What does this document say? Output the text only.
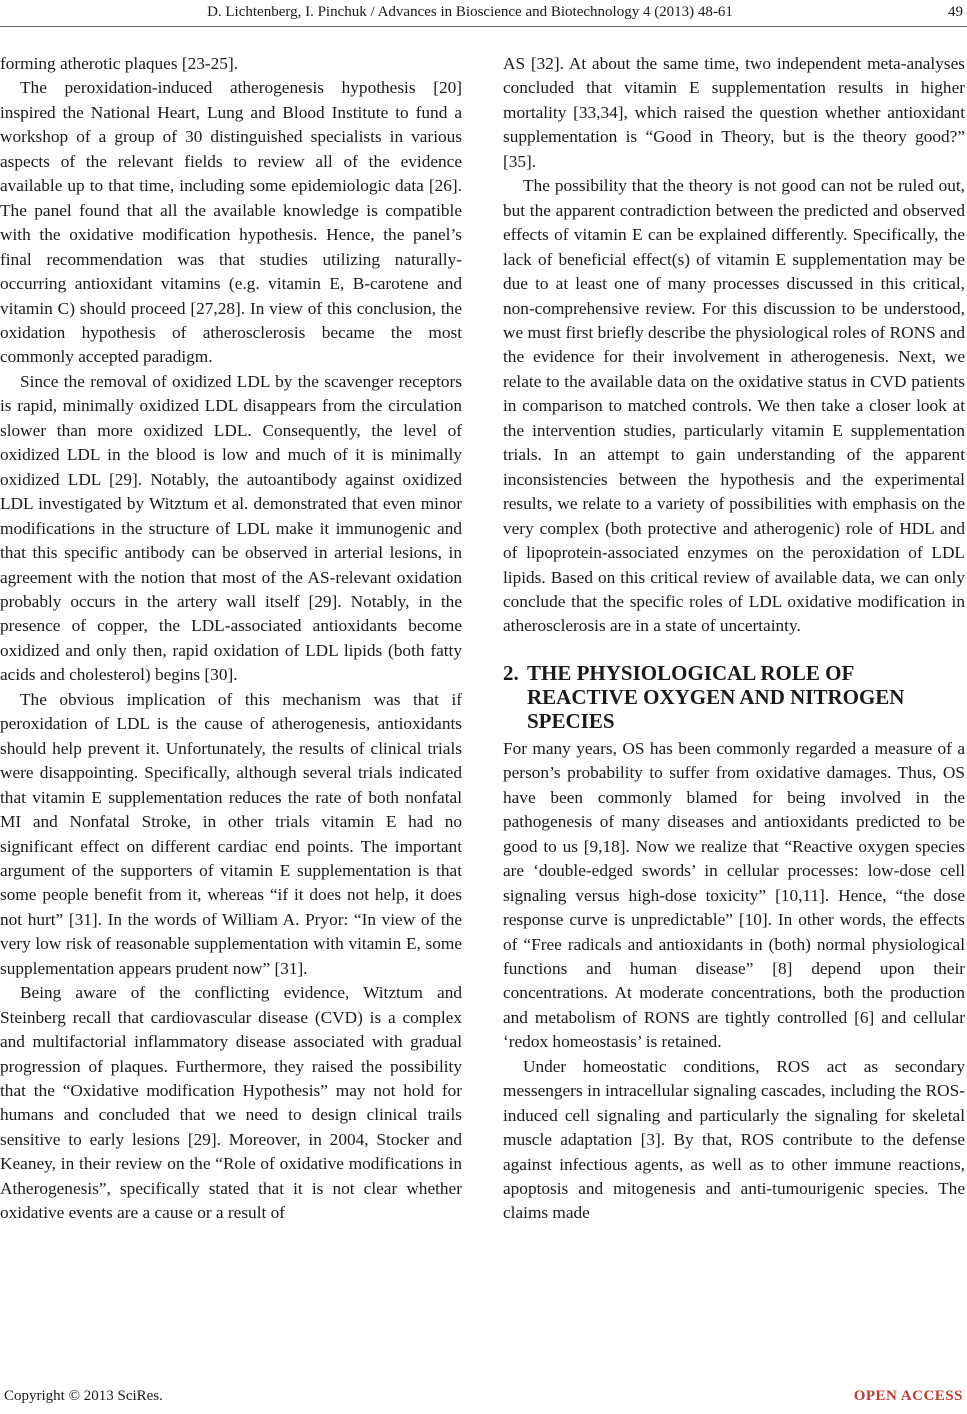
D. Lichtenberg, I. Pinchuk / Advances in Bioscience and Biotechnology 4 (2013) 48-61	49

forming atherotic plaques [23-25].

The peroxidation-induced atherogenesis hypothesis [20] inspired the National Heart, Lung and Blood Institute to fund a workshop of a group of 30 distinguished specialists in various aspects of the relevant fields to review all of the evidence available up to that time, including some epidemiologic data [26]. The panel found that all the available knowledge is compatible with the oxidative modification hypothesis. Hence, the panel’s final recommendation was that studies utilizing naturally-occurring antioxidant vitamins (e.g. vitamin E, B-carotene and vitamin C) should proceed [27,28]. In view of this conclusion, the oxidation hypothesis of atherosclerosis became the most commonly accepted paradigm.

Since the removal of oxidized LDL by the scavenger receptors is rapid, minimally oxidized LDL disappears from the circulation slower than more oxidized LDL. Consequently, the level of oxidized LDL in the blood is low and much of it is minimally oxidized LDL [29]. Notably, the autoantibody against oxidized LDL investigated by Witztum et al. demonstrated that even minor modifications in the structure of LDL make it immunogenic and that this specific antibody can be observed in arterial lesions, in agreement with the notion that most of the AS-relevant oxidation probably occurs in the artery wall itself [29]. Notably, in the presence of copper, the LDL-associated antioxidants become oxidized and only then, rapid oxidation of LDL lipids (both fatty acids and cholesterol) begins [30].

The obvious implication of this mechanism was that if peroxidation of LDL is the cause of atherogenesis, antioxidants should help prevent it. Unfortunately, the results of clinical trials were disappointing. Specifically, although several trials indicated that vitamin E supplementation reduces the rate of both nonfatal MI and Nonfatal Stroke, in other trials vitamin E had no significant effect on different cardiac end points. The important argument of the supporters of vitamin E supplementation is that some people benefit from it, whereas “if it does not help, it does not hurt” [31]. In the words of William A. Pryor: “In view of the very low risk of reasonable supplementation with vitamin E, some supplementation appears prudent now” [31].

Being aware of the conflicting evidence, Witztum and Steinberg recall that cardiovascular disease (CVD) is a complex and multifactorial inflammatory disease associated with gradual progression of plaques. Furthermore, they raised the possibility that the “Oxidative modification Hypothesis” may not hold for humans and concluded that we need to design clinical trails sensitive to early lesions [29]. Moreover, in 2004, Stocker and Keaney, in their review on the “Role of oxidative modifications in Atherogenesis”, specifically stated that it is not clear whether oxidative events are a cause or a result of

AS [32]. At about the same time, two independent meta-analyses concluded that vitamin E supplementation results in higher mortality [33,34], which raised the question whether antioxidant supplementation is “Good in Theory, but is the theory good?” [35].

The possibility that the theory is not good can not be ruled out, but the apparent contradiction between the predicted and observed effects of vitamin E can be explained differently. Specifically, the lack of beneficial effect(s) of vitamin E supplementation may be due to at least one of many processes discussed in this critical, non-comprehensive review. For this discussion to be understood, we must first briefly describe the physiological roles of RONS and the evidence for their involvement in atherogenesis. Next, we relate to the available data on the oxidative status in CVD patients in comparison to matched controls. We then take a closer look at the intervention studies, particularly vitamin E supplementation trials. In an attempt to gain understanding of the apparent inconsistencies between the hypothesis and the experimental results, we relate to a variety of possibilities with emphasis on the very complex (both protective and atherogenic) role of HDL and of lipoprotein-associated enzymes on the peroxidation of LDL lipids. Based on this critical review of available data, we can only conclude that the specific roles of LDL oxidative modification in atherosclerosis are in a state of uncertainty.

2. THE PHYSIOLOGICAL ROLE OF REACTIVE OXYGEN AND NITROGEN SPECIES

For many years, OS has been commonly regarded a measure of a person’s probability to suffer from oxidative damages. Thus, OS have been commonly blamed for being involved in the pathogenesis of many diseases and antioxidants predicted to be good to us [9,18]. Now we realize that “Reactive oxygen species are ‘double-edged swords’ in cellular processes: low-dose cell signaling versus high-dose toxicity” [10,11]. Hence, “the dose response curve is unpredictable” [10]. In other words, the effects of “Free radicals and antioxidants in (both) normal physiological functions and human disease” [8] depend upon their concentrations. At moderate concentrations, both the production and metabolism of RONS are tightly controlled [6] and cellular ‘redox homeostasis’ is retained.

Under homeostatic conditions, ROS act as secondary messengers in intracellular signaling cascades, including the ROS-induced cell signaling and particularly the signaling for skeletal muscle adaptation [3]. By that, ROS contribute to the defense against infectious agents, as well as to other immune reactions, apoptosis and mitogenesis and anti-tumourigenic species. The claims made

Copyright © 2013 SciRes.	OPEN ACCESS
